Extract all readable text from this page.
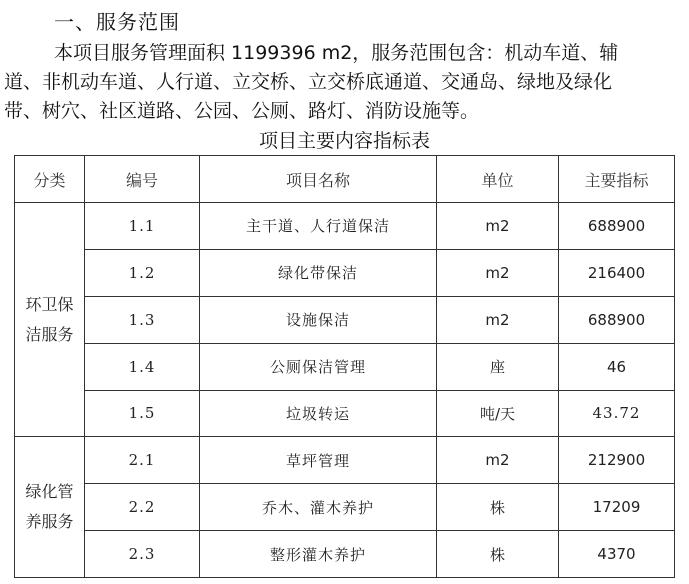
一、服务范围
本项目服务管理面积 1199396 m2，服务范围包含：机动车道、辅
道、非机动车道、人行道、立交桥、立交桥底通道、交通岛、绿地及绿化
带、树穴、社区道路、公园、公厕、路灯、消防设施等。
项目主要内容指标表
分类	编号	项目名称	单位	主要指标
环卫保洁服务	1.1	主干道、人行道保洁	m2	688900
	1.2	绿化带保洁	m2	216400
	1.3	设施保洁	m2	688900
	1.4	公厕保洁管理	座	46
	1.5	垃圾转运	吨/天	43.72
绿化管养服务	2.1	草坪管理	m2	212900
	2.2	乔木、灌木养护	株	17209
	2.3	整形灌木养护	株	4370
